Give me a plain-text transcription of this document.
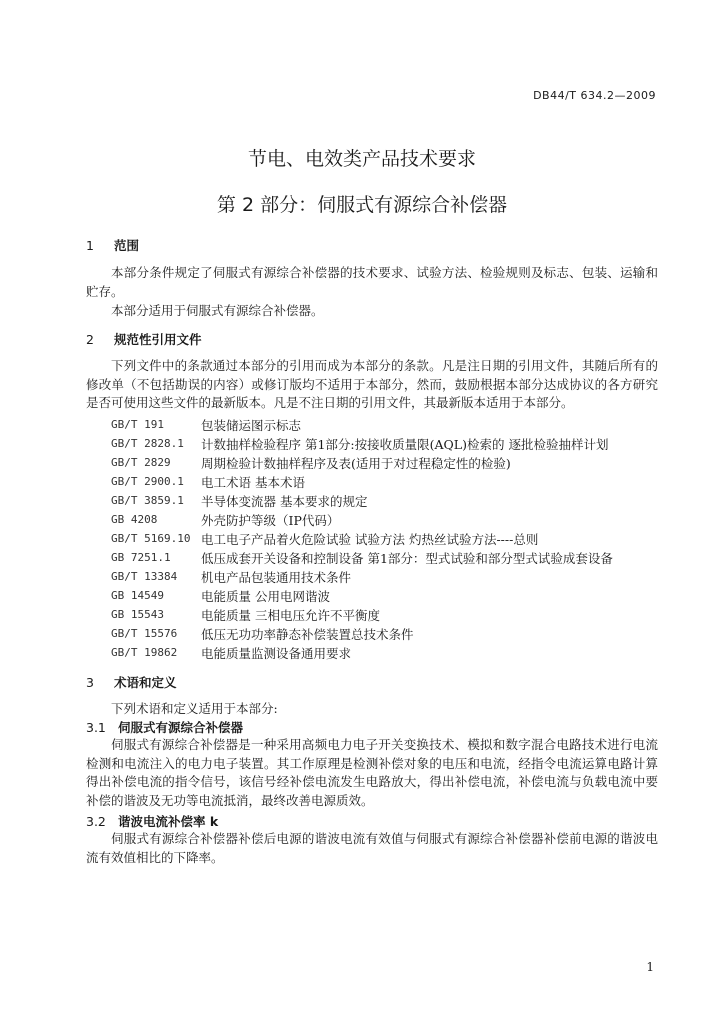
DB44/T 634.2—2009
节电、电效类产品技术要求
第 2 部分：伺服式有源综合补偿器
1 范围
本部分条件规定了伺服式有源综合补偿器的技术要求、试验方法、检验规则及标志、包装、运输和贮存。
本部分适用于伺服式有源综合补偿器。
2 规范性引用文件
下列文件中的条款通过本部分的引用而成为本部分的条款。凡是注日期的引用文件，其随后所有的修改单（不包括勘误的内容）或修订版均不适用于本部分，然而，鼓励根据本部分达成协议的各方研究是否可使用这些文件的最新版本。凡是不注日期的引用文件，其最新版本适用于本部分。
GB/T 191	包装储运图示标志
GB/T 2828.1 计数抽样检验程序 第1部分:按接收质量限(AQL)检索的 逐批检验抽样计划
GB/T 2829 周期检验计数抽样程序及表(适用于对过程稳定性的检验)
GB/T 2900.1 电工术语 基本术语
GB/T 3859.1 半导体变流器 基本要求的规定
GB 4208	外壳防护等级（IP代码）
GB/T 5169.10 电工电子产品着火危险试验 试验方法 灼热丝试验方法----总则
GB 7251.1 低压成套开关设备和控制设备 第1部分：型式试验和部分型式试验成套设备
GB/T 13384 机电产品包装通用技术条件
GB 14549	电能质量 公用电网谐波
GB 15543	电能质量 三相电压允许不平衡度
GB/T 15576 低压无功功率静态补偿装置总技术条件
GB/T 19862 电能质量监测设备通用要求
3 术语和定义
下列术语和定义适用于本部分:
3.1 伺服式有源综合补偿器
伺服式有源综合补偿器是一种采用高频电力电子开关变换技术、模拟和数字混合电路技术进行电流检测和电流注入的电力电子装置。其工作原理是检测补偿对象的电压和电流，经指令电流运算电路计算得出补偿电流的指令信号，该信号经补偿电流发生电路放大，得出补偿电流，补偿电流与负载电流中要补偿的谐波及无功等电流抵消，最终改善电源质效。
3.2 谐波电流补偿率 k
伺服式有源综合补偿器补偿后电源的谐波电流有效值与伺服式有源综合补偿器补偿前电源的谐波电流有效值相比的下降率。
1
